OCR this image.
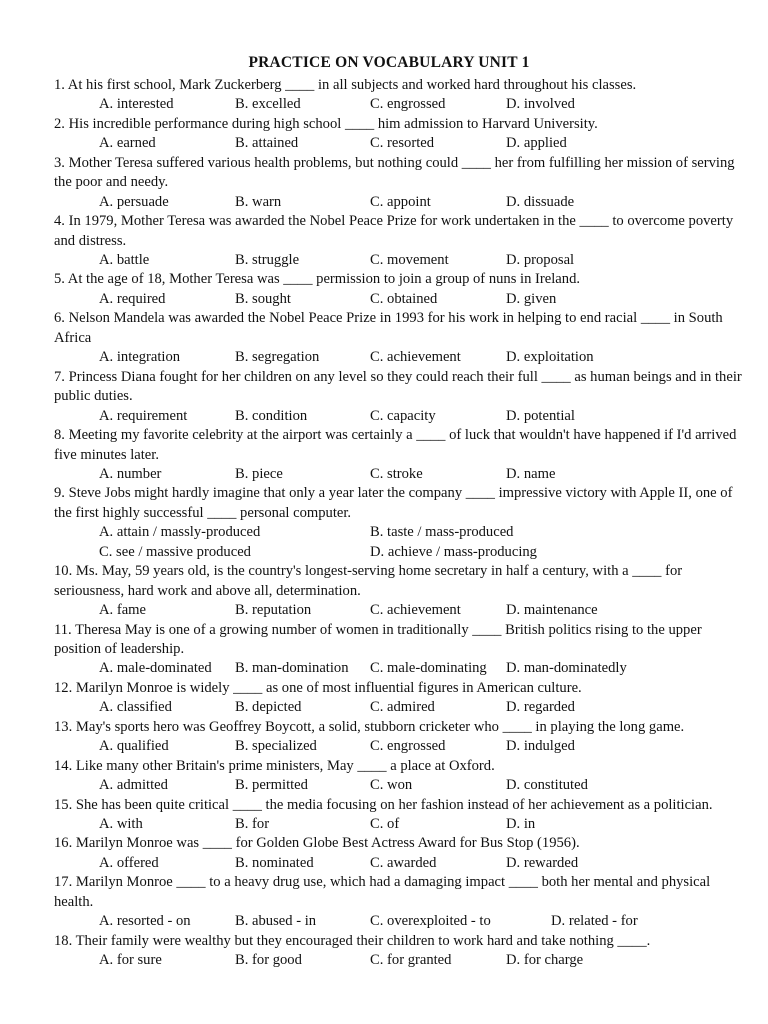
PRACTICE ON VOCABULARY UNIT 1
1. At his first school, Mark Zuckerberg ____ in all subjects and worked hard throughout his classes.
A. interested	B. excelled	C. engrossed	D. involved
2. His incredible performance during high school ____ him admission to Harvard University.
A. earned	B. attained	C. resorted	D. applied
3. Mother Teresa suffered various health problems, but nothing could ____ her from fulfilling her mission of serving the poor and needy.
A. persuade	B. warn	C. appoint	D. dissuade
4. In 1979, Mother Teresa was awarded the Nobel Peace Prize for work undertaken in the ____ to overcome poverty and distress.
A. battle	B. struggle	C. movement	D. proposal
5. At the age of 18, Mother Teresa was ____ permission to join a group of nuns in Ireland.
A. required	B. sought	C. obtained	D. given
6. Nelson Mandela was awarded the Nobel Peace Prize in 1993 for his work in helping to end racial ____ in South Africa
A. integration	B. segregation	C. achievement	D. exploitation
7. Princess Diana fought for her children on any level so they could reach their full ____ as human beings and in their public duties.
A. requirement	B. condition	C. capacity	D. potential
8. Meeting my favorite celebrity at the airport was certainly a ____ of luck that wouldn't have happened if I'd arrived five minutes later.
A. number	B. piece	C. stroke	D. name
9. Steve Jobs might hardly imagine that only a year later the company ____ impressive victory with Apple II, one of the first highly successful ____ personal computer.
A. attain / massly-produced	B. taste / mass-produced
C. see / massive produced	D. achieve / mass-producing
10. Ms. May, 59 years old, is the country's longest-serving home secretary in half a century, with a ____ for seriousness, hard work and above all, determination.
A. fame	B. reputation	C. achievement	D. maintenance
11. Theresa May is one of a growing number of women in traditionally ____ British politics rising to the upper position of leadership.
A. male-dominated B. man-domination C. male-dominating D. man-dominatedly
12. Marilyn Monroe is widely ____ as one of most influential figures in American culture.
A. classified	B. depicted	C. admired	D. regarded
13. May's sports hero was Geoffrey Boycott, a solid, stubborn cricketer who ____ in playing the long game.
A. qualified	B. specialized	C. engrossed	D. indulged
14. Like many other Britain's prime ministers, May ____ a place at Oxford.
A. admitted	B. permitted	C. won	D. constituted
15. She has been quite critical ____ the media focusing on her fashion instead of her achievement as a politician.
A. with	B. for	C. of	D. in
16. Marilyn Monroe was ____ for Golden Globe Best Actress Award for Bus Stop (1956).
A. offered	B. nominated	C. awarded	D. rewarded
17. Marilyn Monroe ____ to a heavy drug use, which had a damaging impact ____ both her mental and physical health.
A. resorted - on	B. abused - in	C. overexploited - to	D. related - for
18. Their family were wealthy but they encouraged their children to work hard and take nothing ____.
A. for sure	B. for good	C. for granted	D. for charge
